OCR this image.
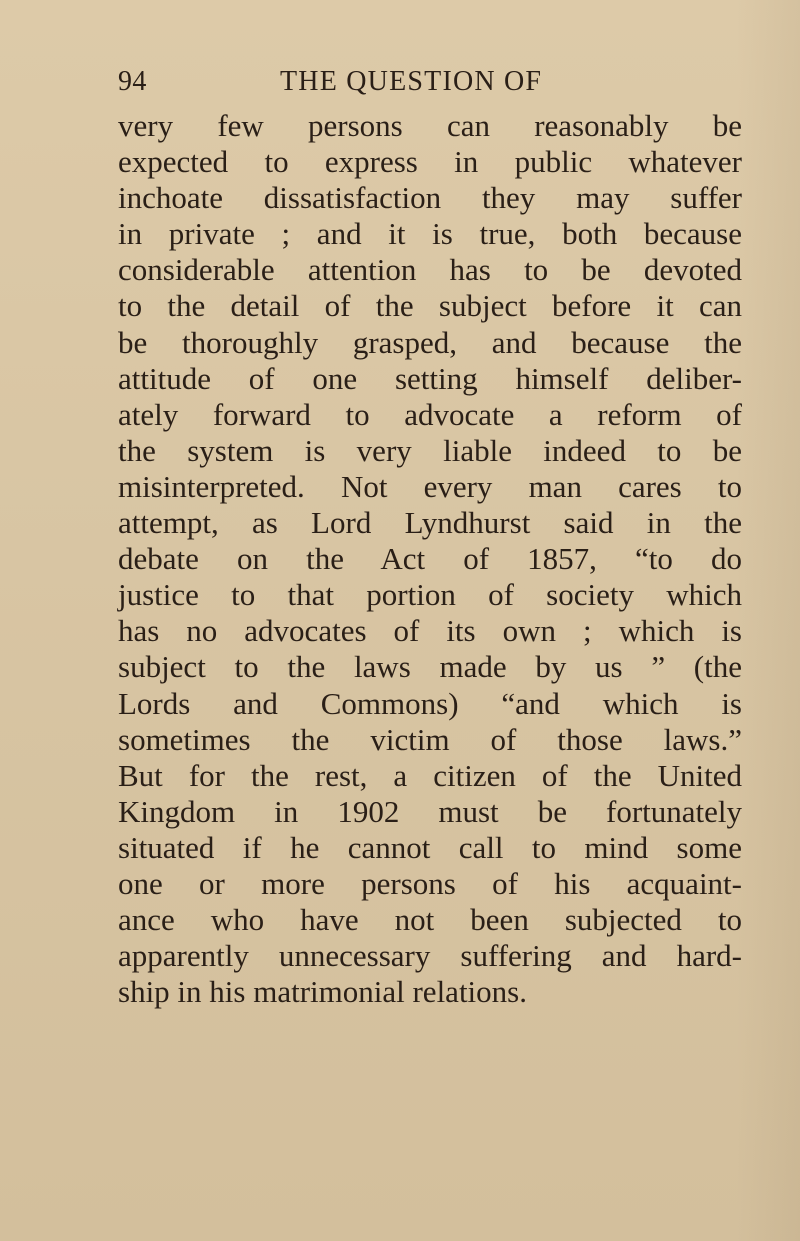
94	THE QUESTION OF
very few persons can reasonably be
expected to express in public whatever
inchoate dissatisfaction they may suffer
in private ; and it is true, both because
considerable attention has to be devoted
to the detail of the subject before it can
be thoroughly grasped, and because the
attitude of one setting himself deliber-
ately forward to advocate a reform of
the system is very liable indeed to be
misinterpreted. Not every man cares to
attempt, as Lord Lyndhurst said in the
debate on the Act of 1857, “to do
justice to that portion of society which
has no advocates of its own ; which is
subject to the laws made by us ” (the
Lords and Commons) “and which is
sometimes the victim of those laws.”
But for the rest, a citizen of the United
Kingdom in 1902 must be fortunately
situated if he cannot call to mind some
one or more persons of his acquaint-
ance who have not been subjected to
apparently unnecessary suffering and hard-
ship in his matrimonial relations.
